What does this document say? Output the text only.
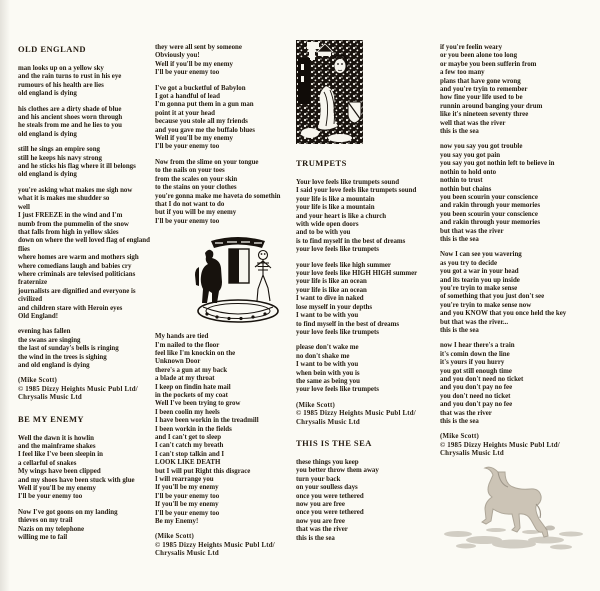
OLD ENGLAND

man looks up on a yellow sky
and the rain turns to rust in his eye
rumours of his health are lies
old england is dying

his clothes are a dirty shade of blue
and his ancient shoes worn through
he steals from me and he lies to you
old england is dying

still he sings an empire song
still he keeps his navy strong
and he sticks his flag where it ill belongs
old england is dying

you're asking what makes me sigh now
what it is makes me shudder so
well
I just FREEZE in the wind and I'm
numb from the pummelin of the snow
that falls from high in yellow skies
down on where the well loved flag of england
flies
where homes are warm and mothers sigh
where comedians laugh and babies cry
where criminals are televised politicians
fraternize
journalists are dignified and everyone is
civilized
and children stare with Heroin eyes
Old England!

evening has fallen
the swans are singing
the last of sunday's bells is ringing
the wind in the trees is sighing
and old england is dying

(Mike Scott)
© 1985 Dizzy Heights Music Publ Ltd/
Chrysalis Music Ltd

BE MY ENEMY

Well the dawn it is howlin
and the mainframe shakes
I feel like I've been sleepin in
a cellarful of snakes
My wings have been clipped
and my shoes have been stuck with glue
Well if you'll be my enemy
I'll be your enemy too

Now I've got goons on my landing
thieves on my trail
Nazis on my telephone
willing me to fail

they were all sent by someone
Obviously you!
Well if you'll be my enemy
I'll be your enemy too

I've got a bucketful of Babylon
I got a handful of lead
I'm gonna put them in a gun man
point it at your head
because you stole all my friends
and you gave me the buffalo blues
Well if you'll be my enemy
I'll be your enemy too

Now from the slime on your tongue
to the nails on your toes
from the scales on your skin
to the stains on your clothes
you're gonna make me haveta do somethin
that I do not want to do
but if you will be my enemy
I'll be your enemy too

My hands are tied
I'm nailed to the floor
feel like I'm knockin on the
Unknown Door
there's a gun at my back
a blade at my throat
I keep on findin hate mail
in the pockets of my coat
Well I've been trying to grow
I been coolin my heels
I have been workin in the treadmill
I been workin in the fields
and I can't get to sleep
I can't catch my breath
I can't stop talkin and I
LOOK LIKE DEATH
but I will put Right this disgrace
I will rearrange you
If you'll be my enemy
I'll be your enemy too
If you'll be my enemy
I'll be your enemy too
Be my Enemy!

(Mike Scott)
© 1985 Dizzy Heights Music Publ Ltd/
Chrysalis Music Ltd

TRUMPETS

Your love feels like trumpets sound
I said your love feels like trumpets sound
your life is like a mountain
your life is like a mountain
and your heart is like a church
with wide open doors
and to be with you
is to find myself in the best of dreams
your love feels like trumpets

your love feels like high summer
your love feels like HIGH HIGH summer
your life is like an ocean
your life is like an ocean
I want to dive in naked
lose myself in your depths
I want to be with you
to find myself in the best of dreams
your love feels like trumpets

please don't wake me
no don't shake me
I want to be with you
when bein with you is
the same as being you
your love feels like trumpets

(Mike Scott)
© 1985 Dizzy Heights Music Publ Ltd/
Chrysalis Music Ltd

THIS IS THE SEA

these things you keep
you better throw them away
turn your back
on your soulless days
once you were tethered
now you are free
once you were tethered
now you are free
that was the river
this is the sea

if you're feelin weary
or you been alone too long
or maybe you been sufferin from
a few too many
plans that have gone wrong
and you're tryin to remember
how fine your life used to be
runnin around banging your drum
like it's nineteen seventy three
well that was the river
this is the sea

now you say you got trouble
you say you got pain
you say you got nothin left to believe in
nothin to hold onto
nothin to trust
nothin but chains
you been scourin your conscience
and rakin through your memories
you been scourin your conscience
and rakin through your memories
but that was the river
this is the sea

Now I can see you wavering
as you try to decide
you got a war in your head
and its tearin you up inside
you're tryin to make sense
of something that you just don't see
you're tryin to make sense now
and you KNOW that you once held the key
but that was the river...
this is the sea

now I hear there's a train
it's comin down the line
it's yours if you hurry
you got still enough time
and you don't need no ticket
and you don't pay no fee
you don't need no ticket
and you don't pay no fee
that was the river
this is the sea

(Mike Scott)
© 1985 Dizzy Heights Music Publ Ltd/
Chrysalis Music Ltd
